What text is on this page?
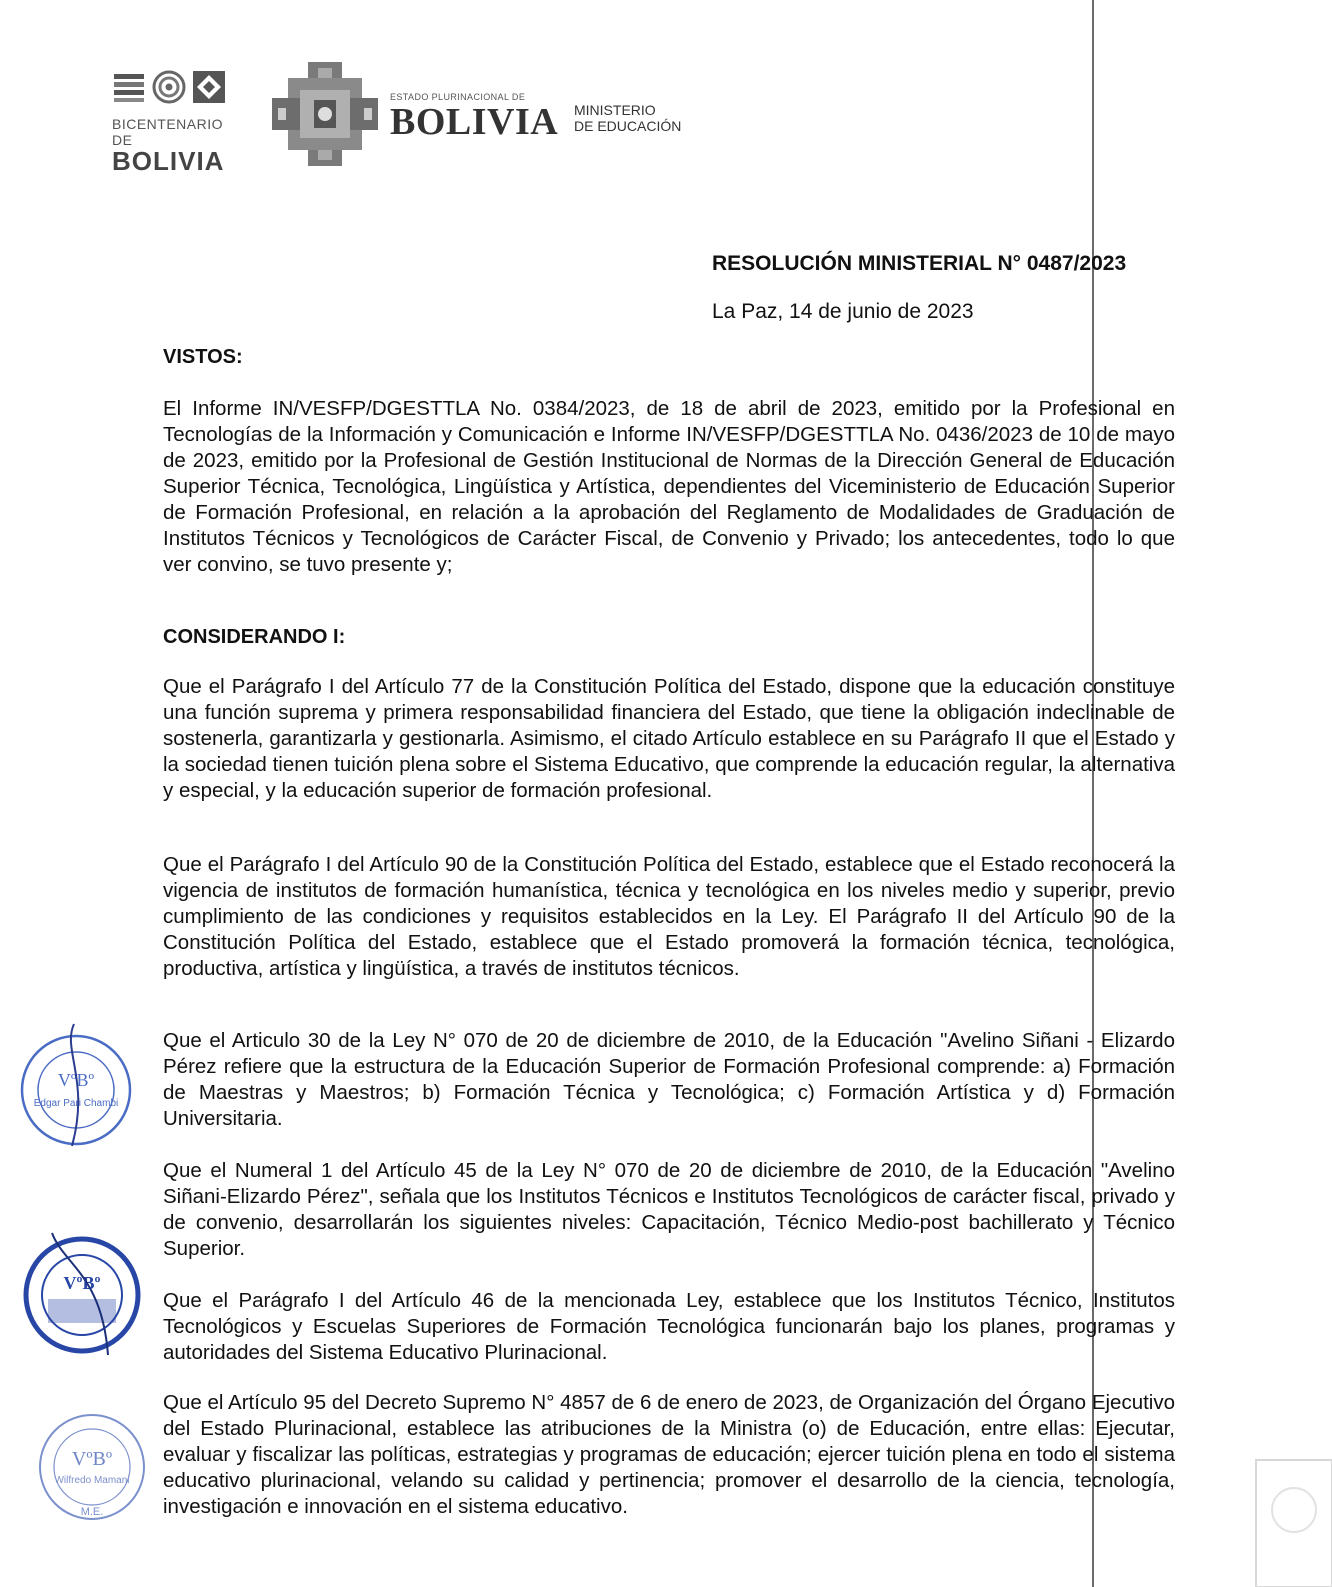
BICENTENARIO DE
BOLIVIA
ESTADO PLURINACIONAL DE
BOLIVIA MINISTERIO
DE EDUCACIÓN
RESOLUCIÓN MINISTERIAL N° 0487/2023
La Paz, 14 de junio de 2023
VISTOS:

El Informe IN/VESFP/DGESTTLA No. 0384/2023, de 18 de abril de 2023, emitido por la Profesional en Tecnologías de la Información y Comunicación e Informe IN/VESFP/DGESTTLA No. 0436/2023 de 10 de mayo de 2023, emitido por la Profesional de Gestión Institucional de Normas de la Dirección General de Educación Superior Técnica, Tecnológica, Lingüística y Artística, dependientes del Viceministerio de Educación Superior de Formación Profesional, en relación a la aprobación del Reglamento de Modalidades de Graduación de Institutos Técnicos y Tecnológicos de Carácter Fiscal, de Convenio y Privado; los antecedentes, todo lo que ver convino, se tuvo presente y;

CONSIDERANDO I:

Que el Parágrafo I del Artículo 77 de la Constitución Política del Estado, dispone que la educación constituye una función suprema y primera responsabilidad financiera del Estado, que tiene la obligación indeclinable de sostenerla, garantizarla y gestionarla. Asimismo, el citado Artículo establece en su Parágrafo II que el Estado y la sociedad tienen tuición plena sobre el Sistema Educativo, que comprende la educación regular, la alternativa y especial, y la educación superior de formación profesional.

Que el Parágrafo I del Artículo 90 de la Constitución Política del Estado, establece que el Estado reconocerá la vigencia de institutos de formación humanística, técnica y tecnológica en los niveles medio y superior, previo cumplimiento de las condiciones y requisitos establecidos en la Ley. El Parágrafo II del Artículo 90 de la Constitución Política del Estado, establece que el Estado promoverá la formación técnica, tecnológica, productiva, artística y lingüística, a través de institutos técnicos.

Que el Articulo 30 de la Ley N° 070 de 20 de diciembre de 2010, de la Educación "Avelino Siñani - Elizardo Pérez refiere que la estructura de la Educación Superior de Formación Profesional comprende: a) Formación de Maestras y Maestros; b) Formación Técnica y Tecnológica; c) Formación Artística y d) Formación Universitaria.

Que el Numeral 1 del Artículo 45 de la Ley N° 070 de 20 de diciembre de 2010, de la Educación "Avelino Siñani-Elizardo Pérez", señala que los Institutos Técnicos e Institutos Tecnológicos de carácter fiscal, privado y de convenio, desarrollarán los siguientes niveles: Capacitación, Técnico Medio-post bachillerato y Técnico Superior.

Que el Parágrafo I del Artículo 46 de la mencionada Ley, establece que los Institutos Técnico, Institutos Tecnológicos y Escuelas Superiores de Formación Tecnológica funcionarán bajo los planes, programas y autoridades del Sistema Educativo Plurinacional.

Que el Artículo 95 del Decreto Supremo N° 4857 de 6 de enero de 2023, de Organización del Órgano Ejecutivo del Estado Plurinacional, establece las atribuciones de la Ministra (o) de Educación, entre ellas: Ejecutar, evaluar y fiscalizar las políticas, estrategias y programas de educación; ejercer tuición plena en todo el sistema educativo plurinacional, velando su calidad y pertinencia; promover el desarrollo de la ciencia, tecnología, investigación e innovación en el sistema educativo.

VºBº
Edgar Pari Chambi
VºBº
VºBº
Wilfredo Mamani
M.E.
